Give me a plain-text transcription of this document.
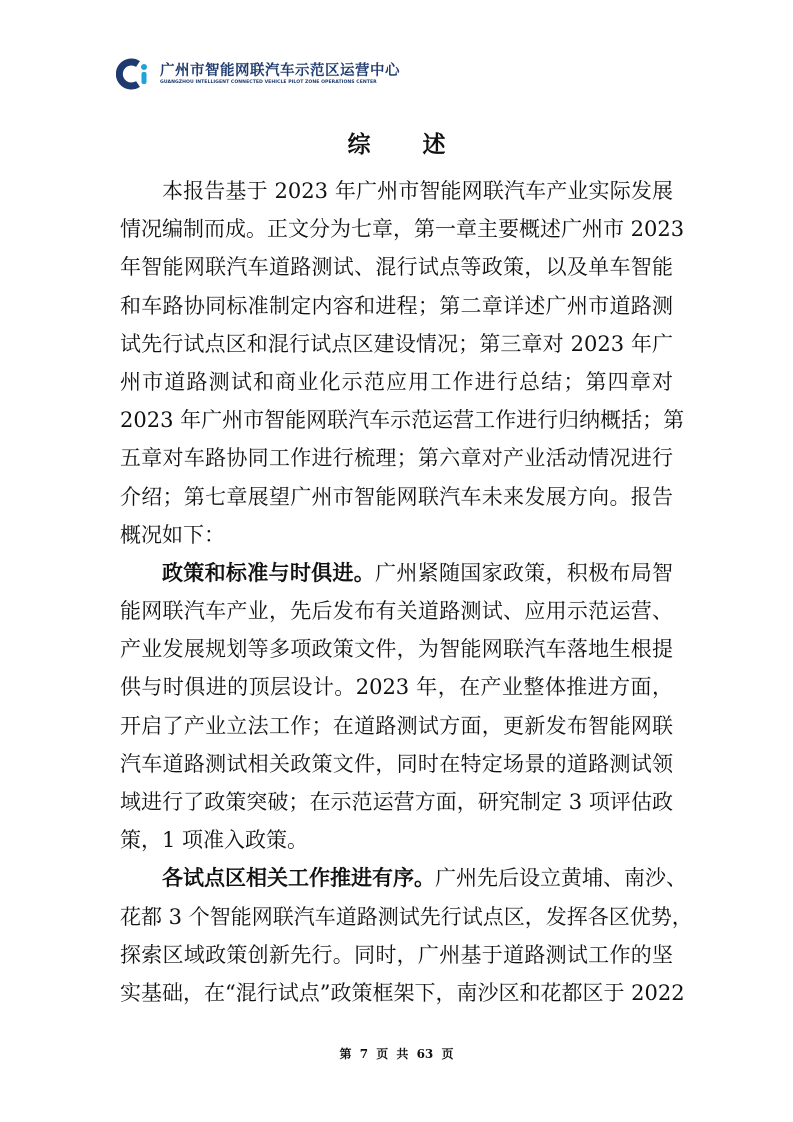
广州市智能网联汽车示范区运营中心
GUANGZHOU INTELLIGENT CONNECTED VEHICLE PILOT ZONE OPERATIONS CENTER
综 述
本报告基于 2023 年广州市智能网联汽车产业实际发展
情况编制而成。正文分为七章，第一章主要概述广州市 2023
年智能网联汽车道路测试、混行试点等政策，以及单车智能
和车路协同标准制定内容和进程；第二章详述广州市道路测
试先行试点区和混行试点区建设情况；第三章对 2023 年广
州市道路测试和商业化示范应用工作进行总结；第四章对
2023 年广州市智能网联汽车示范运营工作进行归纳概括；第
五章对车路协同工作进行梳理；第六章对产业活动情况进行
介绍；第七章展望广州市智能网联汽车未来发展方向。报告
概况如下：
政策和标准与时俱进。广州紧随国家政策，积极布局智
能网联汽车产业，先后发布有关道路测试、应用示范运营、
产业发展规划等多项政策文件，为智能网联汽车落地生根提
供与时俱进的顶层设计。2023 年，在产业整体推进方面，
开启了产业立法工作；在道路测试方面，更新发布智能网联
汽车道路测试相关政策文件，同时在特定场景的道路测试领
域进行了政策突破；在示范运营方面，研究制定 3 项评估政
策，1 项准入政策。
各试点区相关工作推进有序。广州先后设立黄埔、南沙、
花都 3 个智能网联汽车道路测试先行试点区，发挥各区优势，
探索区域政策创新先行。同时，广州基于道路测试工作的坚
实基础，在“混行试点”政策框架下，南沙区和花都区于 2022
第 7 页 共 63 页
